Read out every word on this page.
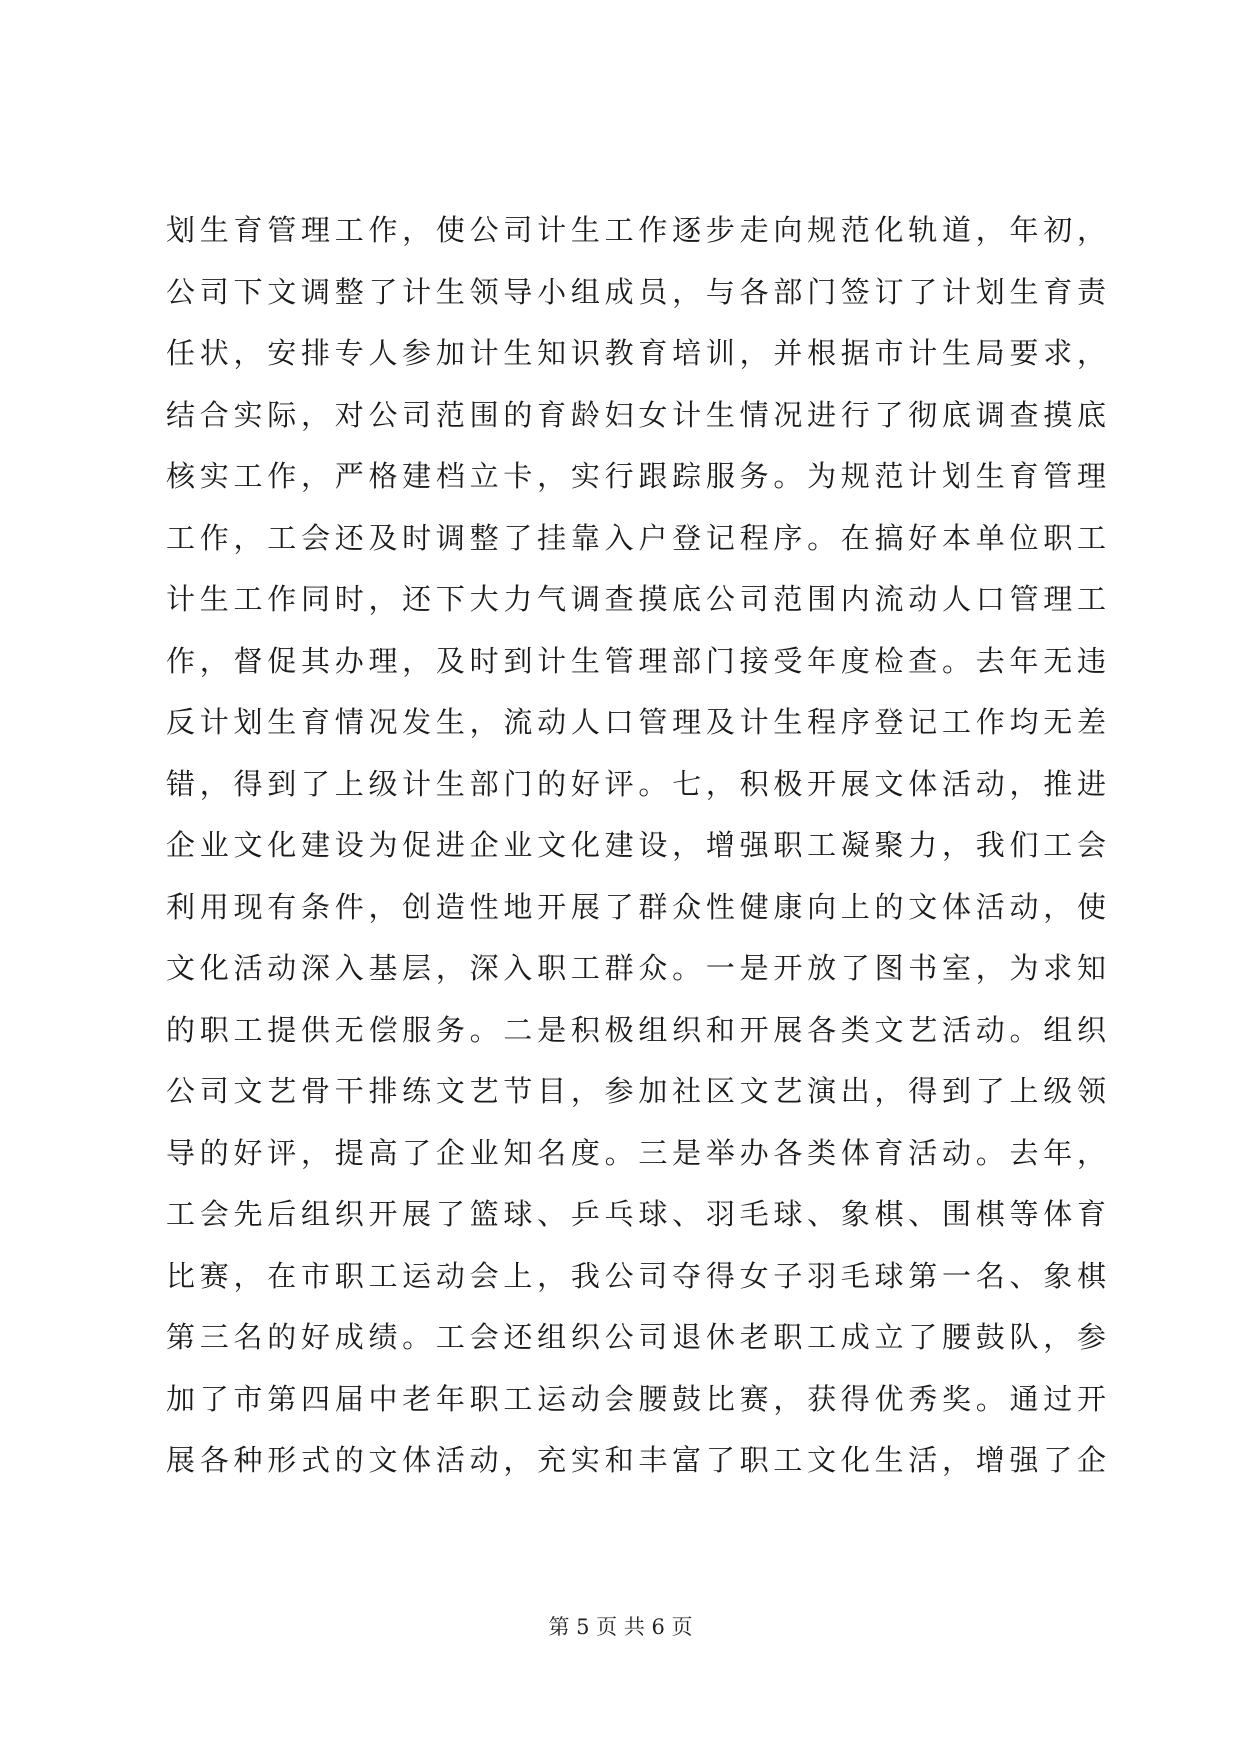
划生育管理工作，使公司计生工作逐步走向规范化轨道，年初，
公司下文调整了计生领导小组成员，与各部门签订了计划生育责
任状，安排专人参加计生知识教育培训，并根据市计生局要求，
结合实际，对公司范围的育龄妇女计生情况进行了彻底调查摸底
核实工作，严格建档立卡，实行跟踪服务。为规范计划生育管理
工作，工会还及时调整了挂靠入户登记程序。在搞好本单位职工
计生工作同时，还下大力气调查摸底公司范围内流动人口管理工
作，督促其办理，及时到计生管理部门接受年度检查。去年无违
反计划生育情况发生，流动人口管理及计生程序登记工作均无差
错，得到了上级计生部门的好评。七，积极开展文体活动，推进
企业文化建设为促进企业文化建设，增强职工凝聚力，我们工会
利用现有条件，创造性地开展了群众性健康向上的文体活动，使
文化活动深入基层，深入职工群众。一是开放了图书室，为求知
的职工提供无偿服务。二是积极组织和开展各类文艺活动。组织
公司文艺骨干排练文艺节目，参加社区文艺演出，得到了上级领
导的好评，提高了企业知名度。三是举办各类体育活动。去年，
工会先后组织开展了篮球、乒乓球、羽毛球、象棋、围棋等体育
比赛，在市职工运动会上，我公司夺得女子羽毛球第一名、象棋
第三名的好成绩。工会还组织公司退休老职工成立了腰鼓队，参
加了市第四届中老年职工运动会腰鼓比赛，获得优秀奖。通过开
展各种形式的文体活动，充实和丰富了职工文化生活，增强了企
第 5 页 共 6 页
